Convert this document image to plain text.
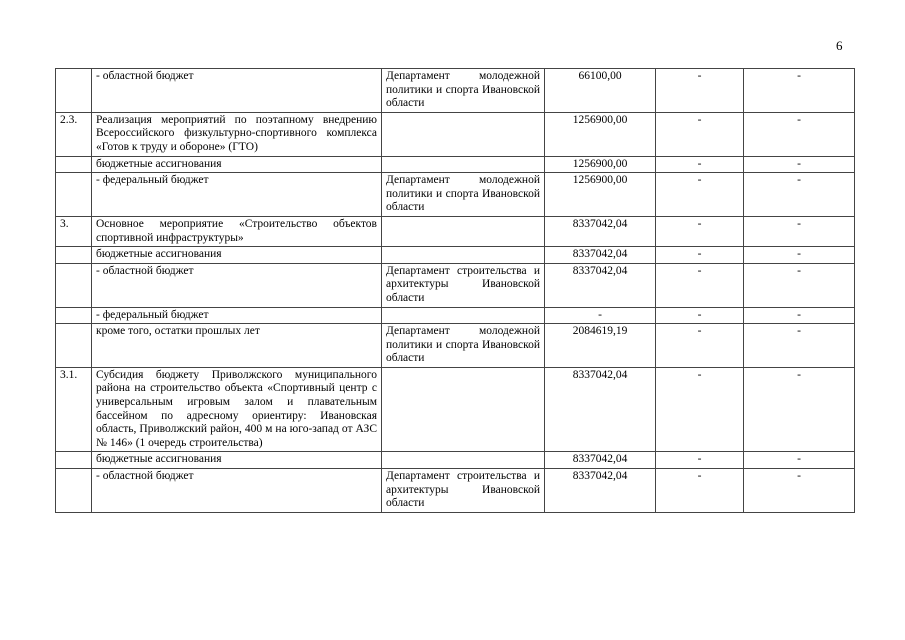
6

	- областной бюджет	Департамент молодежной политики и спорта Ивановской области	66100,00	-	-
2.3.	Реализация мероприятий по поэтапному внедрению Всероссийского физкультурно-спортивного комплекса «Готов к труду и обороне» (ГТО)		1256900,00	-	-

	бюджетные ассигнования		1256900,00	-	-

	- федеральный бюджет	Департамент молодежной политики и спорта Ивановской области	1256900,00	-	-
3.	Основное мероприятие «Строительство объектов спортивной инфраструктуры»		8337042,04	-	-

	бюджетные ассигнования		8337042,04	-	-

	- областной бюджет	Департамент строительства и архитектуры Ивановской области	8337042,04	-	-

	- федеральный бюджет		-	-	-

	кроме того, остатки прошлых лет	Департамент молодежной политики и спорта Ивановской области	2084619,19	-	-
3.1.	Субсидия бюджету Приволжского муниципального района на строительство объекта «Спортивный центр с универсальным игровым залом и плавательным бассейном по адресному ориентиру: Ивановская область, Приволжский район, 400 м на юго-запад от АЗС № 146» (1 очередь строительства)		8337042,04	-	-

	бюджетные ассигнования		8337042,04	-	-

	- областной бюджет	Департамент строительства и архитектуры Ивановской области	8337042,04	-	-
